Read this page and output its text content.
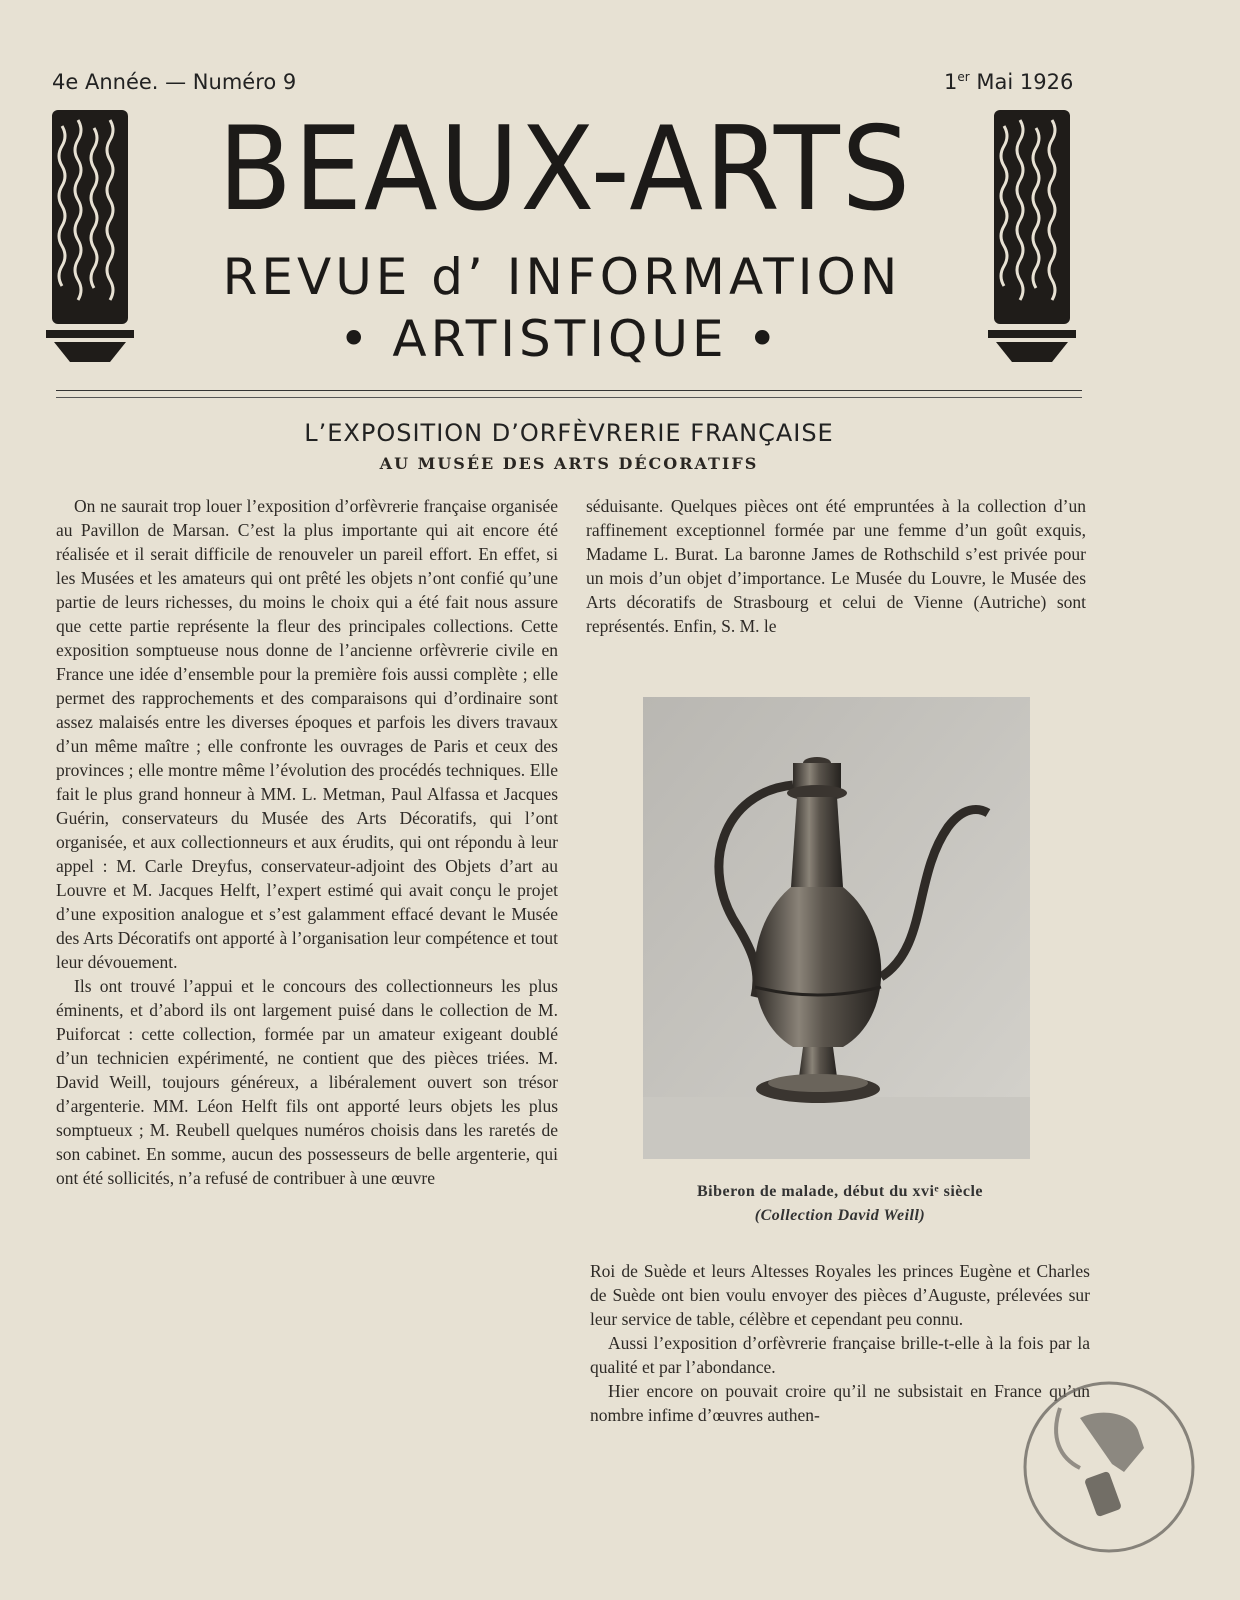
4e Année. — Numéro 9	1er Mai 1926
BEAUX-ARTS
REVUE d’ INFORMATION
• ARTISTIQUE •
L’EXPOSITION D’ORFÈVRERIE FRANÇAISE
AU MUSÉE DES ARTS DÉCORATIFS

On ne saurait trop louer l’exposition d’orfèvrerie française organisée au Pavillon de Marsan. C’est la plus importante qui ait encore été réalisée et il serait difficile de renouveler un pareil effort. En effet, si les Musées et les amateurs qui ont prêté les objets n’ont confié qu’une partie de leurs richesses, du moins le choix qui a été fait nous assure que cette partie représente la fleur des principales collections. Cette exposition somptueuse nous donne de l’ancienne orfèvrerie civile en France une idée d’ensemble pour la première fois aussi complète ; elle permet des rapprochements et des comparaisons qui d’ordinaire sont assez malaisés entre les diverses époques et parfois les divers travaux d’un même maître ; elle confronte les ouvrages de Paris et ceux des provinces ; elle montre même l’évolution des procédés techniques. Elle fait le plus grand honneur à MM. L. Metman, Paul Alfassa et Jacques Guérin, conservateurs du Musée des Arts Décoratifs, qui l’ont organisée, et aux collectionneurs et aux érudits, qui ont répondu à leur appel : M. Carle Dreyfus, conservateur-adjoint des Objets d’art au Louvre et M. Jacques Helft, l’expert estimé qui avait conçu le projet d’une exposition analogue et s’est galamment effacé devant le Musée des Arts Décoratifs ont apporté à l’organisation leur compétence et tout leur dévouement.

Ils ont trouvé l’appui et le concours des collectionneurs les plus éminents, et d’abord ils ont largement puisé dans le collection de M. Puiforcat : cette collection, formée par un amateur exigeant doublé d’un technicien expérimenté, ne contient que des pièces triées. M. David Weill, toujours généreux, a libéralement ouvert son trésor d’argenterie. MM. Léon Helft fils ont apporté leurs objets les plus somptueux ; M. Reubell quelques numéros choisis dans les raretés de son cabinet. En somme, aucun des possesseurs de belle argenterie, qui ont été sollicités, n’a refusé de contribuer à une œuvre

séduisante. Quelques pièces ont été empruntées à la collection d’un raffinement exceptionnel formée par une femme d’un goût exquis, Madame L. Burat. La baronne James de Rothschild s’est privée pour un mois d’un objet d’importance. Le Musée du Louvre, le Musée des Arts décoratifs de Strasbourg et celui de Vienne (Autriche) sont représentés. Enfin, S. M. le

Biberon de malade, début du xviᵉ siècle
(Collection David Weill)

Roi de Suède et leurs Altesses Royales les princes Eugène et Charles de Suède ont bien voulu envoyer des pièces d’Auguste, prélevées sur leur service de table, célèbre et cependant peu connu.

Aussi l’exposition d’orfèvrerie française brille-t-elle à la fois par la qualité et par l’abondance.

Hier encore on pouvait croire qu’il ne subsistait en France qu’un nombre infime d’œuvres authen-
